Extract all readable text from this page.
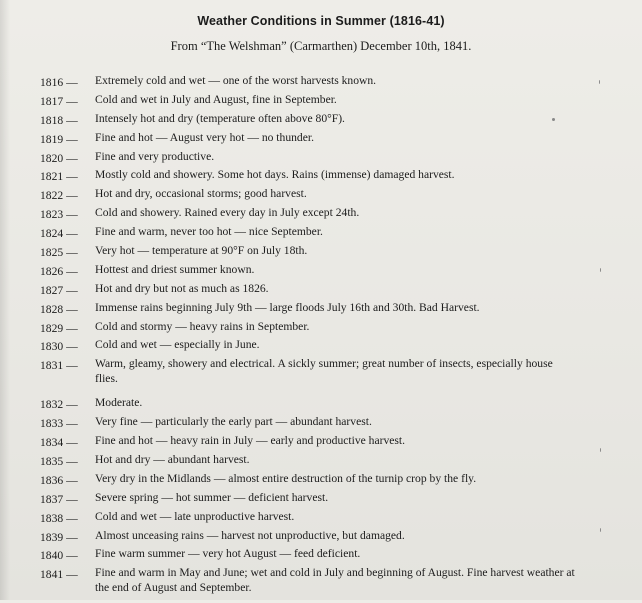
Weather Conditions in Summer (1816-41)
From “The Welshman” (Carmarthen) December 10th, 1841.
1816 —	Extremely cold and wet — one of the worst harvests known.
1817 —	Cold and wet in July and August, fine in September.
1818 —	Intensely hot and dry (temperature often above 80°F).
1819 —	Fine and hot — August very hot — no thunder.
1820 —	Fine and very productive.
1821 —	Mostly cold and showery. Some hot days. Rains (immense) damaged harvest.
1822 —	Hot and dry, occasional storms; good harvest.
1823 —	Cold and showery. Rained every day in July except 24th.
1824 —	Fine and warm, never too hot — nice September.
1825 —	Very hot — temperature at 90°F on July 18th.
1826 —	Hottest and driest summer known.
1827 —	Hot and dry but not as much as 1826.
1828 —	Immense rains beginning July 9th — large floods July 16th and 30th. Bad Harvest.
1829 —	Cold and stormy — heavy rains in September.
1830 —	Cold and wet — especially in June.
1831 —	Warm, gleamy, showery and electrical. A sickly summer; great number of insects, especially house flies.
1832 —	Moderate.
1833 —	Very fine — particularly the early part — abundant harvest.
1834 —	Fine and hot — heavy rain in July — early and productive harvest.
1835 —	Hot and dry — abundant harvest.
1836 —	Very dry in the Midlands — almost entire destruction of the turnip crop by the fly.
1837 —	Severe spring — hot summer — deficient harvest.
1838 —	Cold and wet — late unproductive harvest.
1839 —	Almost unceasing rains — harvest not unproductive, but damaged.
1840 —	Fine warm summer — very hot August — feed deficient.
1841 —	Fine and warm in May and June; wet and cold in July and beginning of August. Fine harvest weather at the end of August and September.
